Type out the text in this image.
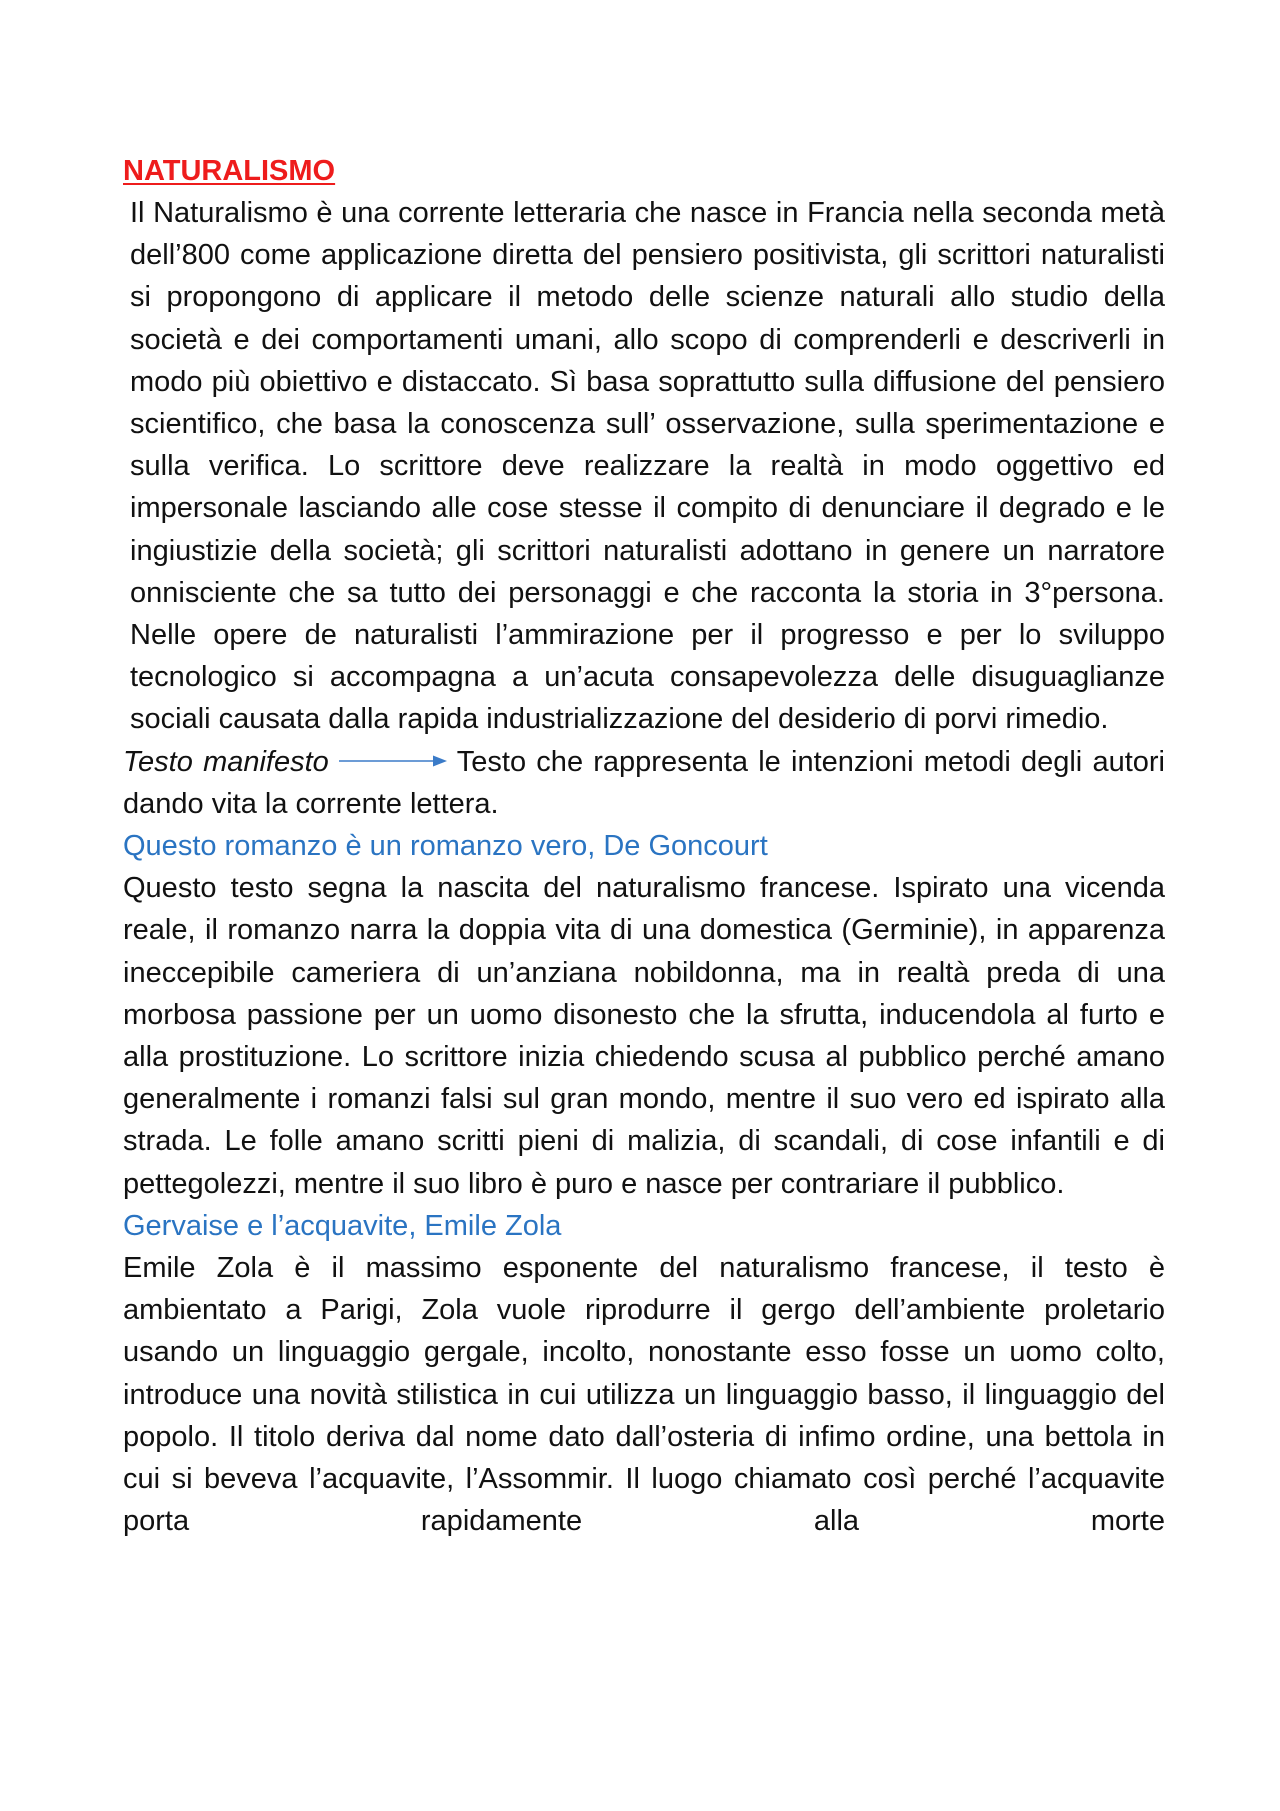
NATURALISMO

Il Naturalismo è una corrente letteraria che nasce in Francia nella seconda metà dell’800 come applicazione diretta del pensiero positivista, gli scrittori naturalisti si propongono di applicare il metodo delle scienze naturali allo studio della società e dei comportamenti umani, allo scopo di comprenderli e descriverli in modo più obiettivo e distaccato. Sì basa soprattutto sulla diffusione del pensiero scientifico, che basa la conoscenza sull’ osservazione, sulla sperimentazione e sulla verifica. Lo scrittore deve realizzare la realtà in modo oggettivo ed impersonale lasciando alle cose stesse il compito di denunciare il degrado e le ingiustizie della società; gli scrittori naturalisti adottano in genere un narratore onnisciente che sa tutto dei personaggi e che racconta la storia in 3°persona. Nelle opere de naturalisti l’ammirazione per il progresso e per lo sviluppo tecnologico si accompagna a un’acuta consapevolezza delle disuguaglianze sociali causata dalla rapida industrializzazione del desiderio di porvi rimedio.

Testo manifesto	Testo che rappresenta le intenzioni metodi degli autori dando vita la corrente lettera.

Questo romanzo è un romanzo vero, De Goncourt

Questo testo segna la nascita del naturalismo francese. Ispirato una vicenda reale, il romanzo narra la doppia vita di una domestica (Germinie), in apparenza ineccepibile cameriera di un’anziana nobildonna, ma in realtà preda di una morbosa passione per un uomo disonesto che la sfrutta, inducendola al furto e alla prostituzione. Lo scrittore inizia chiedendo scusa al pubblico perché amano generalmente i romanzi falsi sul gran mondo, mentre il suo vero ed ispirato alla strada. Le folle amano scritti pieni di malizia, di scandali, di cose infantili e di pettegolezzi, mentre il suo libro è puro e nasce per contrariare il pubblico.

Gervaise e l’acquavite, Emile Zola

Emile Zola è il massimo esponente del naturalismo francese, il testo è ambientato a Parigi, Zola vuole riprodurre il gergo dell’ambiente proletario usando un linguaggio gergale, incolto, nonostante esso fosse un uomo colto, introduce una novità stilistica in cui utilizza un linguaggio basso, il linguaggio del popolo. Il titolo deriva dal nome dato dall’osteria di infimo ordine, una bettola in cui si beveva l’acquavite, l’Assommir. Il luogo chiamato così perché l’acquavite porta rapidamente alla morte
